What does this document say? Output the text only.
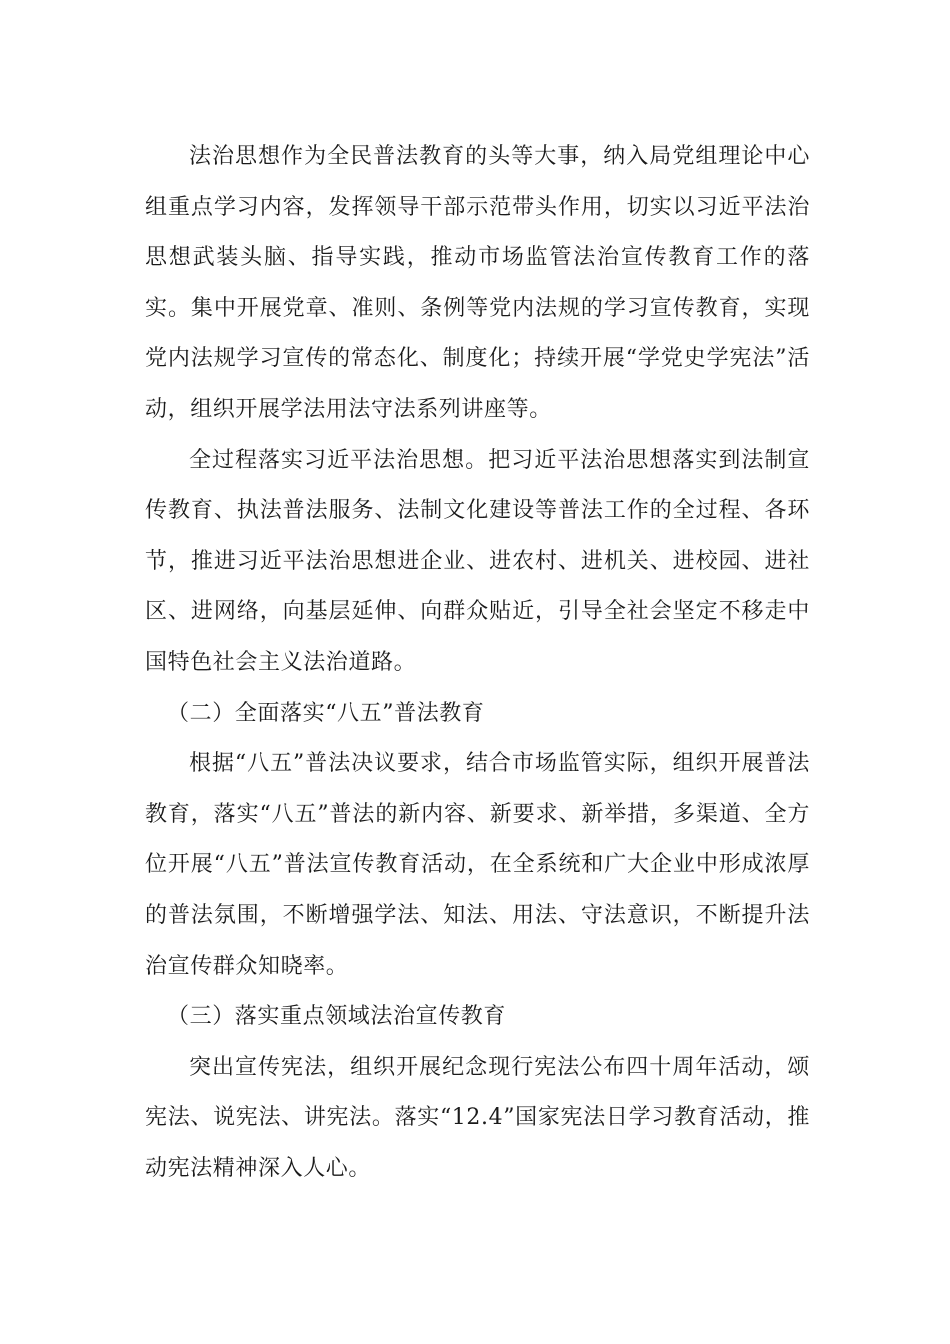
法治思想作为全民普法教育的头等大事，纳入局党组理论中心组重点学习内容，发挥领导干部示范带头作用，切实以习近平法治思想武装头脑、指导实践，推动市场监管法治宣传教育工作的落实。集中开展党章、准则、条例等党内法规的学习宣传教育，实现党内法规学习宣传的常态化、制度化；持续开展“学党史学宪法”活动，组织开展学法用法守法系列讲座等。

全过程落实习近平法治思想。把习近平法治思想落实到法制宣传教育、执法普法服务、法制文化建设等普法工作的全过程、各环节，推进习近平法治思想进企业、进农村、进机关、进校园、进社区、进网络，向基层延伸、向群众贴近，引导全社会坚定不移走中国特色社会主义法治道路。

（二）全面落实“八五”普法教育

根据“八五”普法决议要求，结合市场监管实际，组织开展普法教育，落实“八五”普法的新内容、新要求、新举措，多渠道、全方位开展“八五”普法宣传教育活动，在全系统和广大企业中形成浓厚的普法氛围，不断增强学法、知法、用法、守法意识，不断提升法治宣传群众知晓率。

（三）落实重点领域法治宣传教育

突出宣传宪法，组织开展纪念现行宪法公布四十周年活动，颂宪法、说宪法、讲宪法。落实“12.4”国家宪法日学习教育活动，推动宪法精神深入人心。
